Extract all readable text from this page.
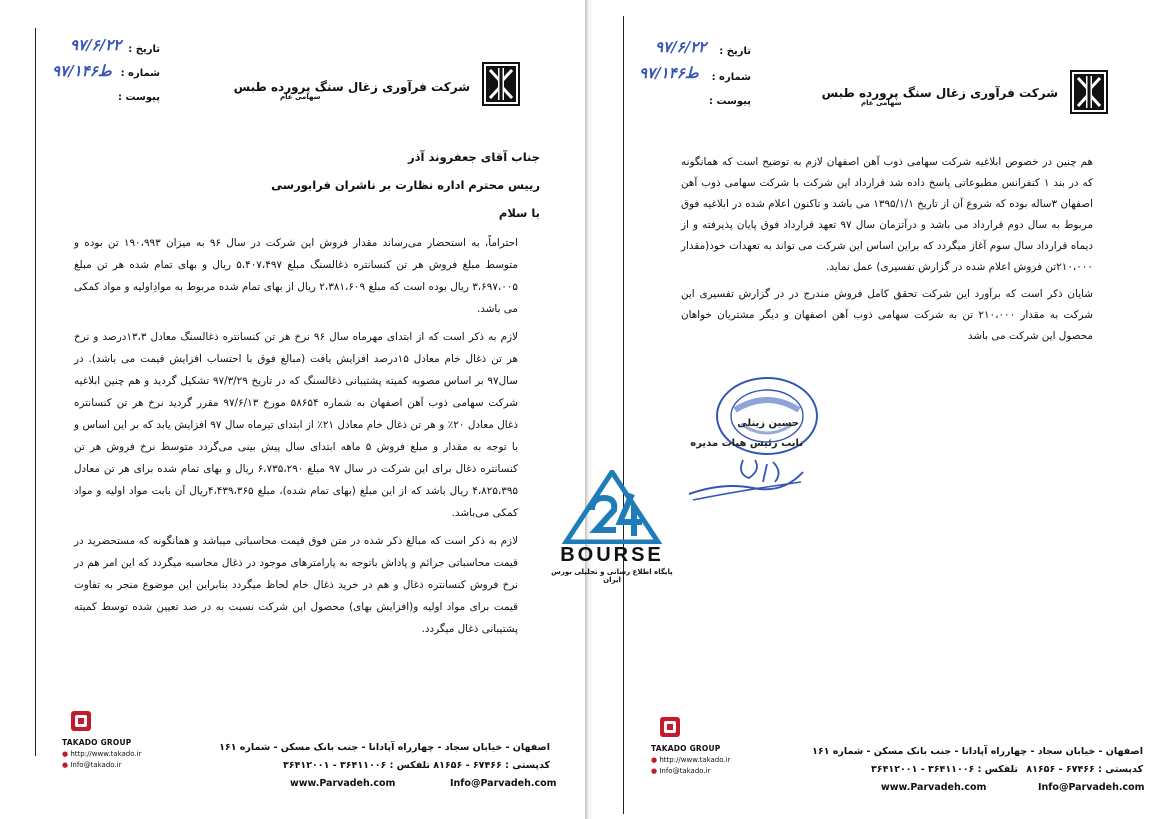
شرکت فرآوری زغال سنگ پرورده طبس
سهامی عام
تاریخ :
شماره :
پیوست :
۹۷/۶/۲۲
۹۷/۱۴۶ط
جناب آقای جعفروند آذر
رییس محترم اداره نظارت بر ناشران فرابورسی
با سلام

احتراماً، به استحضار می‌رساند مقدار فروش این شرکت در سال ۹۶ به میزان ۱۹۰،۹۹۳ تن بوده و متوسط مبلغ فروش هر تن کنسانتره ذغالسنگ مبلغ ۵،۴۰۷،۴۹۷ ریال و بهای تمام شده هر تن مبلغ ۳،۶۹۷،۰۰۵ ریال بوده است که مبلغ ۲،۳۸۱،۶۰۹ ریال از بهای تمام شده مربوط به موادِاولیه و مواد کمکی می باشد.

لازم به ذکر است که از ابتدای مهرماه سال ۹۶ نرخ هر تن کنسانتره ذغالسنگ معادل ۱۳،۳درصد و نرخ هر تن ذغال خام معادل ۱۵درصد افزایش یافت (مبالغ فوق با احتساب افزایش قیمت می باشد). در سال۹۷ بر اساس مصوبه کمیته پشتیبانی ذغالسنگ که در تاریخ ۹۷/۳/۲۹ تشکیل گردید و هم چنین ابلاغیه شرکت سهامی ذوب آهن اصفهان به شماره ۵۸۶۵۴ مورخ ۹۷/۶/۱۳ مقرر گردید نرخ هر تن کنسانتره ذغال معادل ۲۰٪ و هر تن ذغال خام معادل ۲۱٪ از ابتدای تیرماه سال ۹۷ افزایش یابد که بر این اساس و با توجه به مقدار و مبلغ فروش ۵ ماهه ابتدای سال پیش بینی می‌گردد متوسط نرخ فروش هر تن کنسانتره ذغال برای این شرکت در سال ۹۷ مبلغ ۶،۷۳۵،۲۹۰ ریال و بهای تمام شده برای هر تن معادل ۴،۸۲۵،۳۹۵ ریال باشد که از این مبلغ (بهای تمام شده)، مبلغ ۴،۴۳۹،۳۶۵ریال آن بابت مواد اولیه و مواد کمکی می‌باشد.

لازم به ذکر است که مبالغ ذکر شده در متن فوق قیمت محاسباتی میباشد و همانگونه که مستحضرید در قیمت محاسباتی جرائم و پاداش باتوجه به پارامترهای موجود در ذغال محاسبه میگردد که این امر هم در نرخ فروش کنسانتره ذغال و هم در خرید ذغال خام لحاظ میگردد بنابراین این موضوع منجر به تفاوت قیمت برای مواد اولیه و(افزایش بهای) محصول این شرکت نسبت به در صد تعیین شده توسط کمیته پشتیبانی ذغال میگردد.

TAKADO GROUP
● http://www.takado.ir
● Info@takado.ir
اصفهان - خیابان سجاد - چهارراه آپادانا - جنب بانک مسکن - شماره ۱۶۱
کدپستی : ۶۷۴۶۶ - ۸۱۶۵۶
تلفکس : ۳۶۴۱۱۰۰۶ - ۳۶۴۱۲۰۰۱
Info@Parvadeh.com
www.Parvadeh.com
شرکت فرآوری زغال سنگ پرورده طبس
سهامی عام
تاریخ :
شماره :
پیوست :
۹۷/۶/۲۲
۹۷/۱۴۶ط

هم چنین در خصوص ابلاغیه شرکت سهامی ذوب آهن اصفهان لازم به توضیح است که همانگونه که در بند ۱ کنفرانس مطبوعاتی پاسخ داده شد قرارداد این شرکت با شرکت سهامی ذوب آهن اصفهان ۳ساله بوده که شروع آن از تاریخ ۱۳۹۵/۱/۱ می باشد و تاکنون اعلام شده در ابلاغیه فوق مربوط به سال دوم قرارداد می باشد و درآتزمان سال ۹۷ تعهد قرارداد فوق پایان پذیرفته و از دیماه قرارداد سال سوم آغاز میگردد که براین اساس این شرکت می تواند به تعهدات خود(مقدار ۲۱۰،۰۰۰تن فروش اعلام شده در گزارش تفسیری) عمل نماید.

شایان ذکر است که برآورد این شرکت تحقق کامل فروش مندرج در در گزارش تفسیری این شرکت به مقدار ۲۱۰،۰۰۰ تن به شرکت سهامی ذوب آهن اصفهان و دیگر مشتریان خواهان محصول این شرکت می باشد

حسین زینلی
نایب رئیس هیات مدیره
TAKADO GROUP
● http://www.takado.ir
● Info@takado.ir
اصفهان - خیابان سجاد - چهارراه آپادانا - جنب بانک مسکن - شماره ۱۶۱
کدپستی : ۶۷۴۶۶ - ۸۱۶۵۶
تلفکس : ۳۶۴۱۱۰۰۶ - ۳۶۴۱۲۰۰۱
Info@Parvadeh.com
www.Parvadeh.com
BOURSE
پایگاه اطلاع رسانی و تحلیلی بورس ایران
